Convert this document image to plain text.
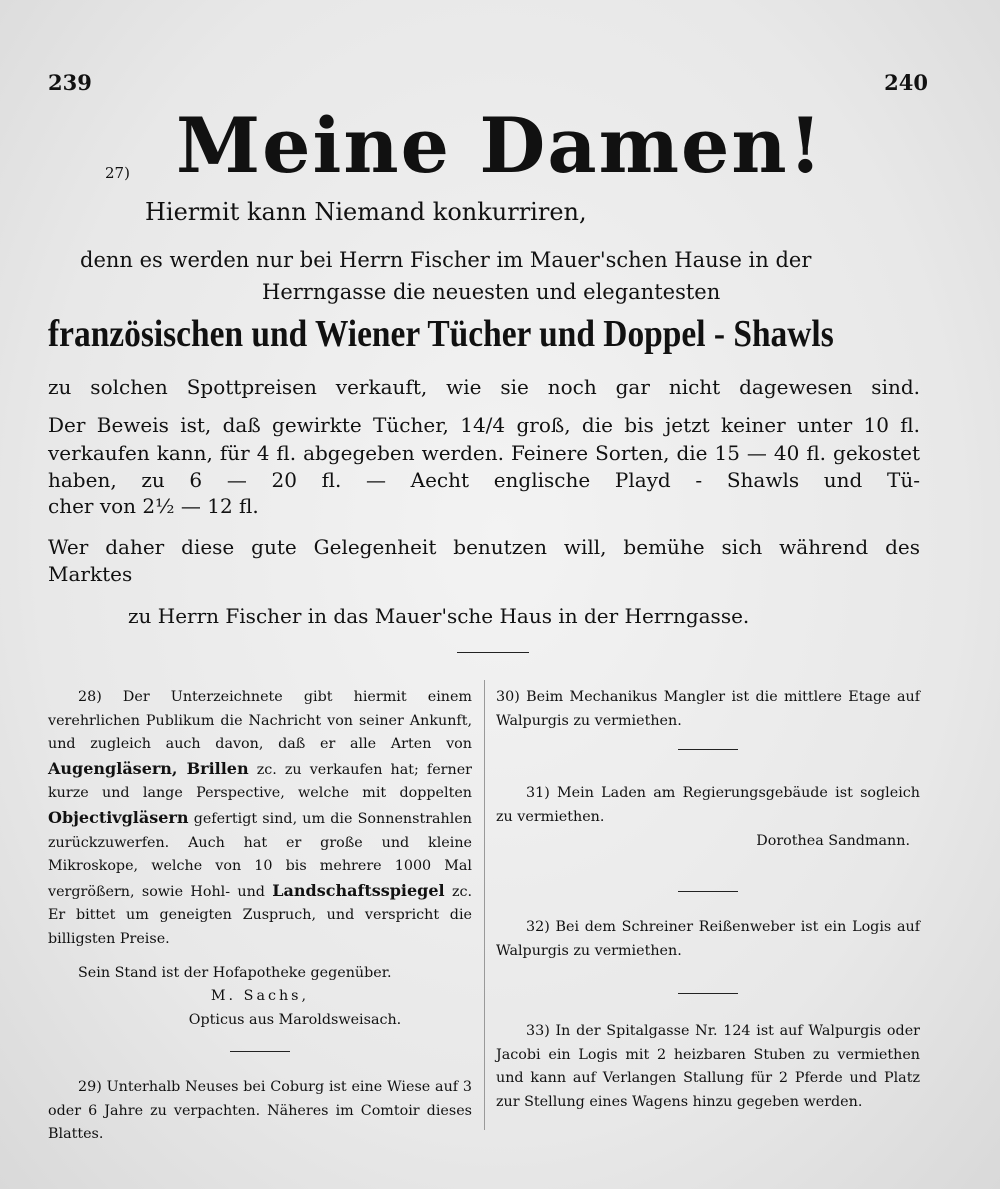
239	240
Meine Damen!
27)
Hiermit kann Niemand konkurriren,
denn es werden nur bei Herrn Fischer im Mauer'schen Hause in der
Herrngasse die neuesten und elegantesten
französischen und Wiener Tücher und Doppel - Shawls
zu solchen Spottpreisen verkauft, wie sie noch gar nicht dagewesen sind.
Der Beweis ist, daß gewirkte Tücher, 14/4 groß, die bis jetzt keiner unter 10 fl. verkaufen kann, für 4 fl. abgegeben werden. Feinere Sorten, die 15 — 40 fl. gekostet haben, zu 6 — 20 fl. — Aecht englische Playd - Shawls und Tü-
cher von 2½ — 12 fl.
Wer daher diese gute Gelegenheit benutzen will, bemühe sich während des
Marktes
zu Herrn Fischer in das Mauer'sche Haus in der Herrngasse.

28) Der Unterzeichnete gibt hiermit einem verehrlichen Publikum die Nachricht von seiner Ankunft, und zugleich auch davon, daß er alle Arten von Augengläsern, Brillen zc. zu verkaufen hat; ferner kurze und lange Perspective, welche mit doppelten Objectivgläsern gefertigt sind, um die Sonnenstrahlen zurückzuwerfen. Auch hat er große und kleine Mikroskope, welche von 10 bis mehrere 1000 Mal vergrößern, sowie Hohl- und Landschaftsspiegel zc. Er bittet um geneigten Zuspruch, und verspricht die billigsten Preise.

Sein Stand ist der Hofapotheke gegenüber.

M. Sachs,

Opticus aus Maroldsweisach.

29) Unterhalb Neuses bei Coburg ist eine Wiese auf 3 oder 6 Jahre zu verpachten. Näheres im Comtoir dieses Blattes.

30) Beim Mechanikus Mangler ist die mittlere Etage auf Walpurgis zu vermiethen.
31) Mein Laden am Regierungsgebäude ist sogleich zu vermiethen.
Dorothea Sandmann.
32) Bei dem Schreiner Reißenweber ist ein Logis auf Walpurgis zu vermiethen.
33) In der Spitalgasse Nr. 124 ist auf Walpurgis oder Jacobi ein Logis mit 2 heizbaren Stuben zu vermiethen und kann auf Verlangen Stallung für 2 Pferde und Platz zur Stellung eines Wagens hinzu gegeben werden.
